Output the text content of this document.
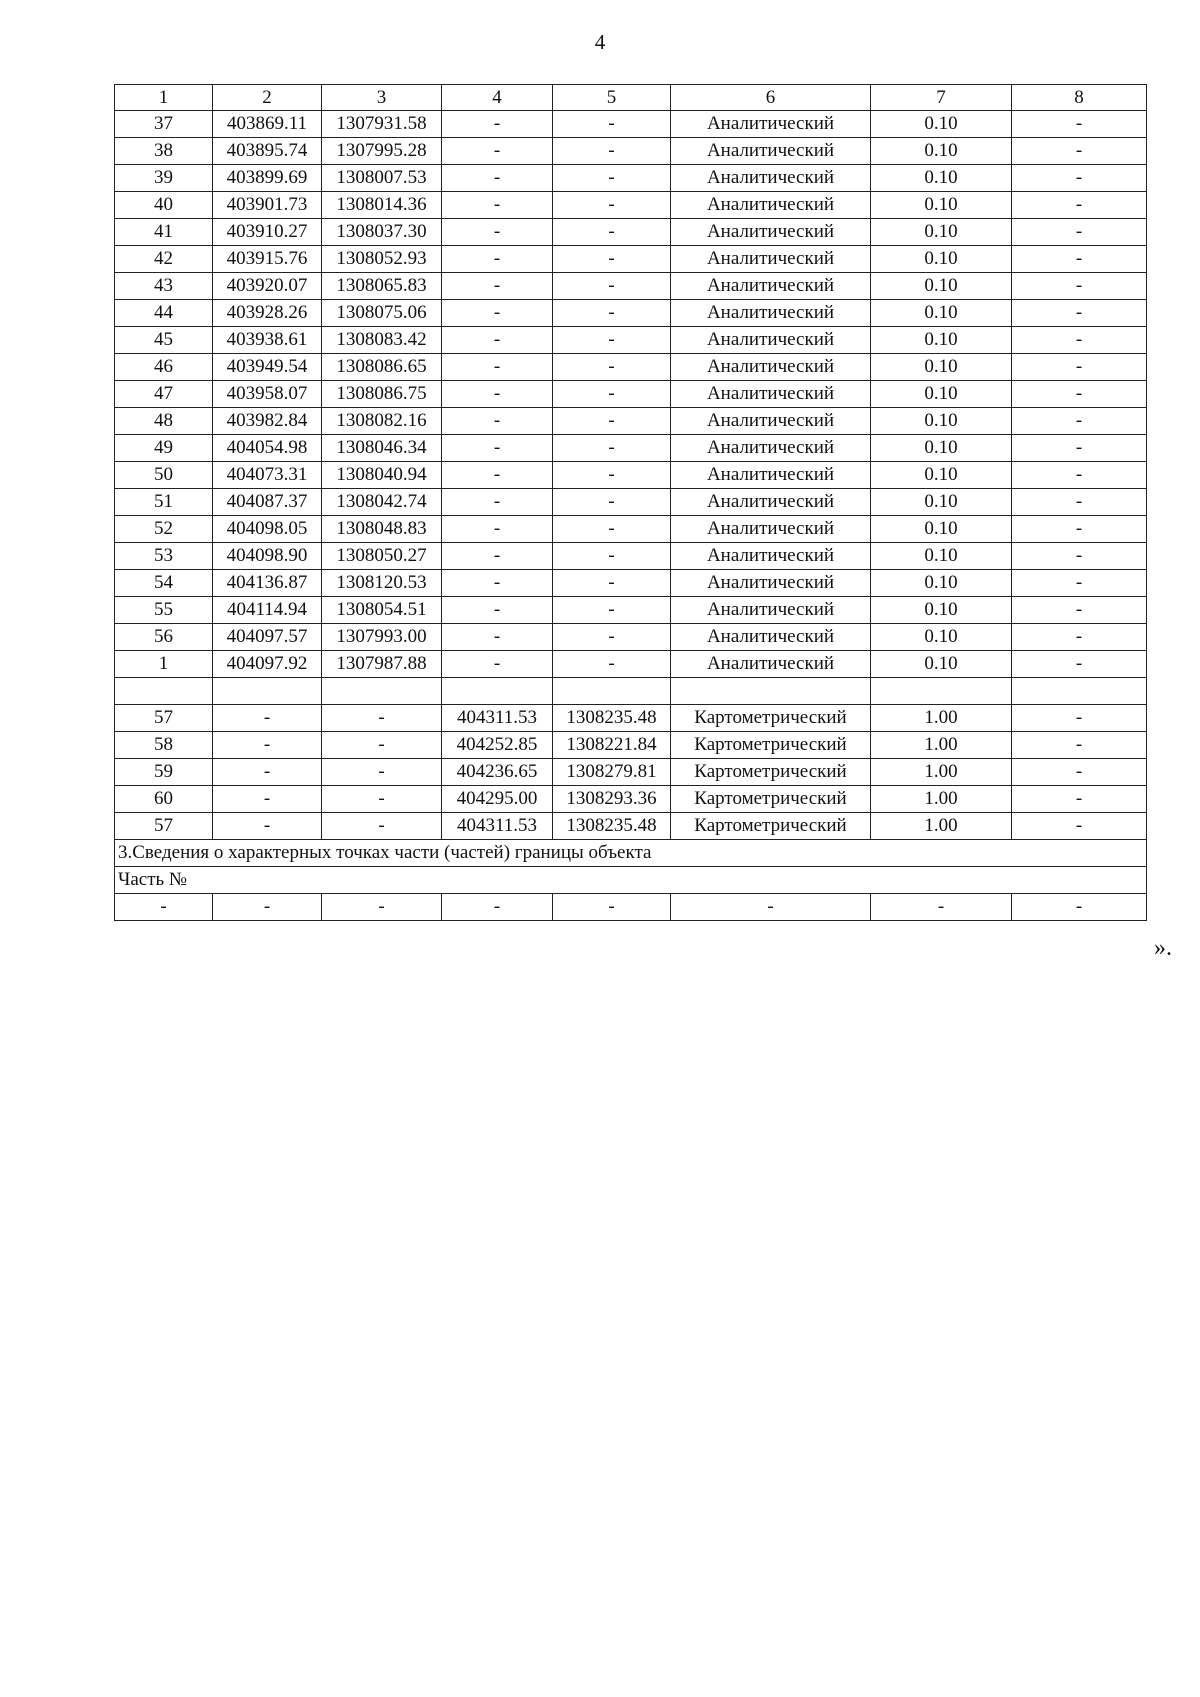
4
1	2	3	4	5	6	7	8
37	403869.11	1307931.58	-	-	Аналитический	0.10	-
38	403895.74	1307995.28	-	-	Аналитический	0.10	-
39	403899.69	1308007.53	-	-	Аналитический	0.10	-
40	403901.73	1308014.36	-	-	Аналитический	0.10	-
41	403910.27	1308037.30	-	-	Аналитический	0.10	-
42	403915.76	1308052.93	-	-	Аналитический	0.10	-
43	403920.07	1308065.83	-	-	Аналитический	0.10	-
44	403928.26	1308075.06	-	-	Аналитический	0.10	-
45	403938.61	1308083.42	-	-	Аналитический	0.10	-
46	403949.54	1308086.65	-	-	Аналитический	0.10	-
47	403958.07	1308086.75	-	-	Аналитический	0.10	-
48	403982.84	1308082.16	-	-	Аналитический	0.10	-
49	404054.98	1308046.34	-	-	Аналитический	0.10	-
50	404073.31	1308040.94	-	-	Аналитический	0.10	-
51	404087.37	1308042.74	-	-	Аналитический	0.10	-
52	404098.05	1308048.83	-	-	Аналитический	0.10	-
53	404098.90	1308050.27	-	-	Аналитический	0.10	-
54	404136.87	1308120.53	-	-	Аналитический	0.10	-
55	404114.94	1308054.51	-	-	Аналитический	0.10	-
56	404097.57	1307993.00	-	-	Аналитический	0.10	-
1	404097.92	1307987.88	-	-	Аналитический	0.10	-

57	-	-	404311.53	1308235.48	Картометрический	1.00	-
58	-	-	404252.85	1308221.84	Картометрический	1.00	-
59	-	-	404236.65	1308279.81	Картометрический	1.00	-
60	-	-	404295.00	1308293.36	Картометрический	1.00	-
57	-	-	404311.53	1308235.48	Картометрический	1.00	-
3.Сведения о характерных точках части (частей) границы объекта							
Часть №							
-	-	-	-	-	-	-	-
».
